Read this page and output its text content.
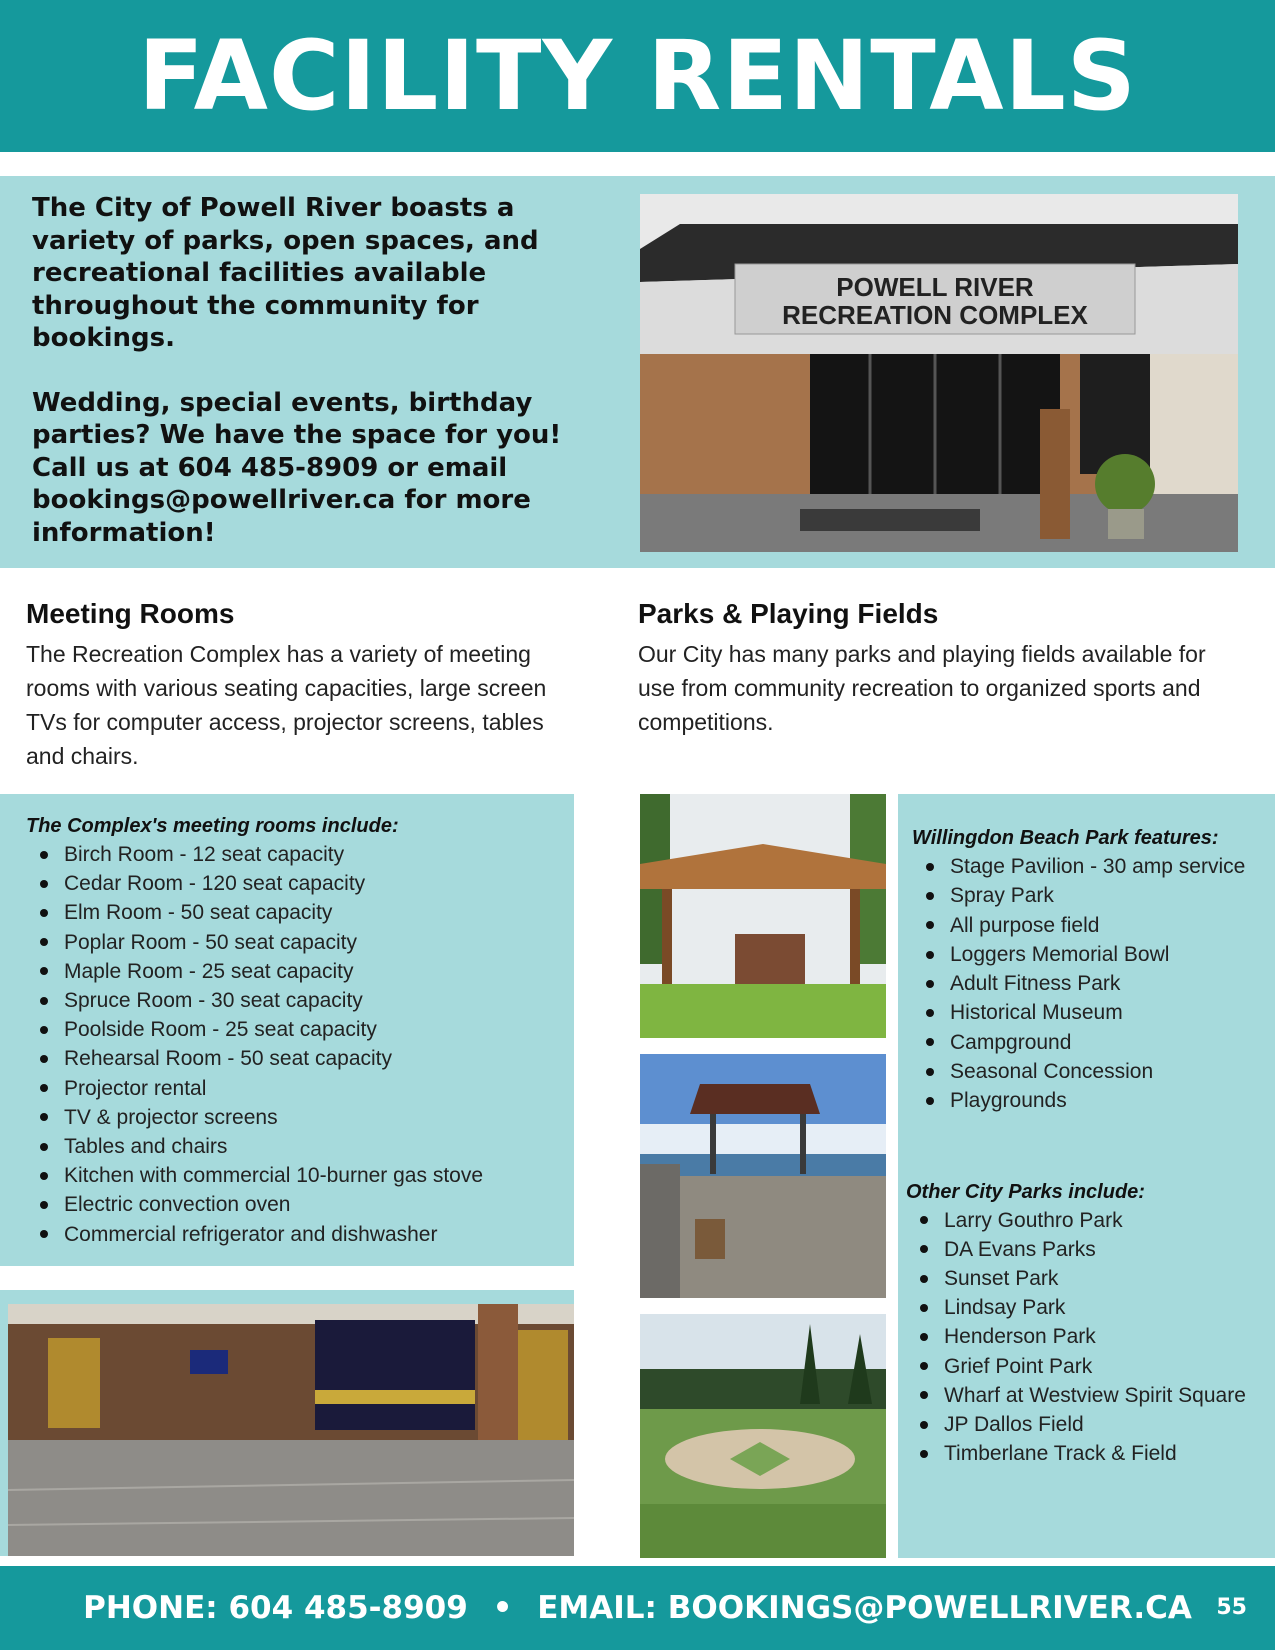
FACILITY RENTALS

The City of Powell River boasts a variety of parks, open spaces, and recreational facilities available throughout the community for bookings.

Wedding, special events, birthday parties? We have the space for you! Call us at 604 485-8909 or email bookings@powellriver.ca for more information!

POWELL RIVER
RECREATION COMPLEX
Meeting Rooms
The Recreation Complex has a variety of meeting rooms with various seating capacities, large screen TVs for computer access, projector screens, tables and chairs.
The Complex's meeting rooms include:
Birch Room - 12 seat capacity
Cedar Room - 120 seat capacity
Elm Room - 50 seat capacity
Poplar Room - 50 seat capacity
Maple Room - 25 seat capacity
Spruce Room - 30 seat capacity
Poolside Room - 25 seat capacity
Rehearsal Room - 50 seat capacity
Projector rental
TV & projector screens
Tables and chairs
Kitchen with commercial 10-burner gas stove
Electric convection oven
Commercial refrigerator and dishwasher
Parks & Playing Fields
Our City has many parks and playing fields available for use from community recreation to organized sports and competitions.
Willingdon Beach Park features:
Stage Pavilion - 30 amp service
Spray Park
All purpose field
Loggers Memorial Bowl
Adult Fitness Park
Historical Museum
Campground
Seasonal Concession
Playgrounds
Other City Parks include:
Larry Gouthro Park
DA Evans Parks
Sunset Park
Lindsay Park
Henderson Park
Grief Point Park
Wharf at Westview Spirit Square
JP Dallos Field
Timberlane Track & Field
PHONE: 604 485-8909 • EMAIL: BOOKINGS@POWELLRIVER.CA	55
